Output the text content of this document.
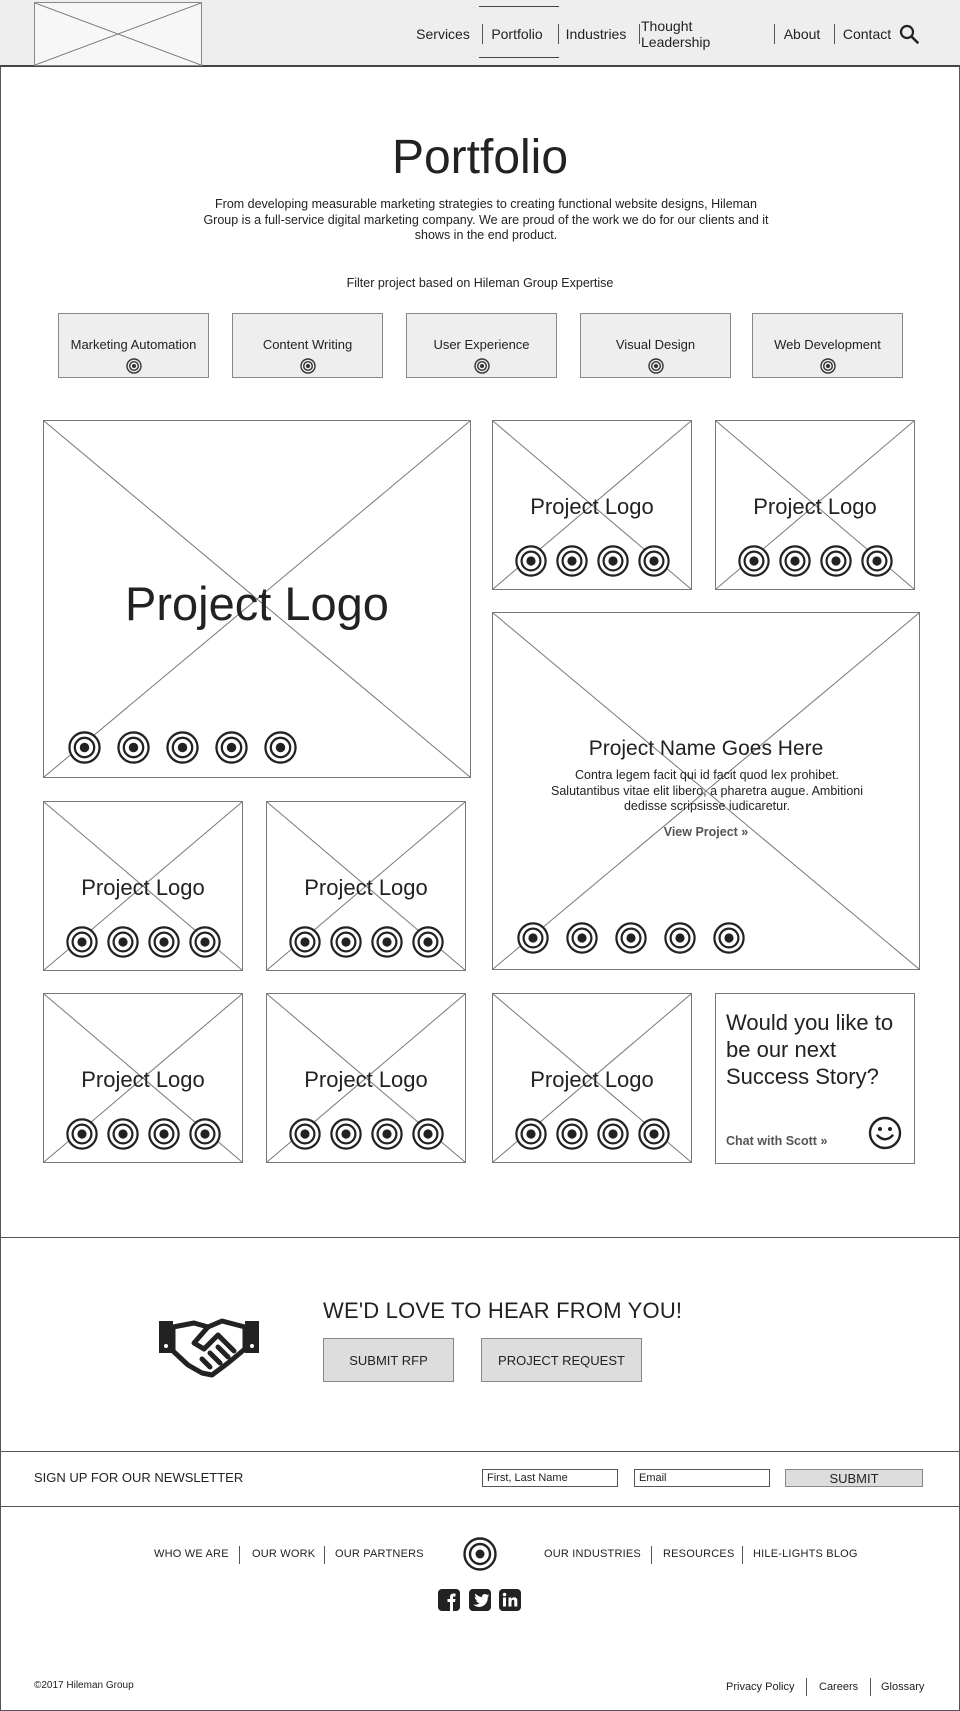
Services	Portfolio	Industries	Thought Leadership	About	Contact
Portfolio
From developing measurable marketing strategies to creating functional website designs, Hileman Group is a full-service digital marketing company. We are proud of the work we do for our clients and it shows in the end product.
Filter project based on Hileman Group Expertise
Marketing Automation	Content Writing	User Experience	Visual Design	Web Development
Project Logo
Project Logo	Project Logo
Project Logo	Project Logo
Project Logo	Project Logo	Project Logo
Project Name Goes Here
Contra legem facit qui id facit quod lex prohibet. Salutantibus vitae elit libero, a pharetra augue. Ambitioni dedisse scripsisse iudicaretur.
View Project »
Would you like to be our next Success Story?
Chat with Scott »
WE'D LOVE TO HEAR FROM YOU!
SUBMIT RFP	PROJECT REQUEST
SIGN UP FOR OUR NEWSLETTER
First, Last Name
Email	SUBMIT
WHO WE ARE OUR WORK OUR PARTNERS	OUR INDUSTRIES RESOURCES HILE-LIGHTS BLOG
©2017 Hileman Group	Privacy Policy Careers Glossary
